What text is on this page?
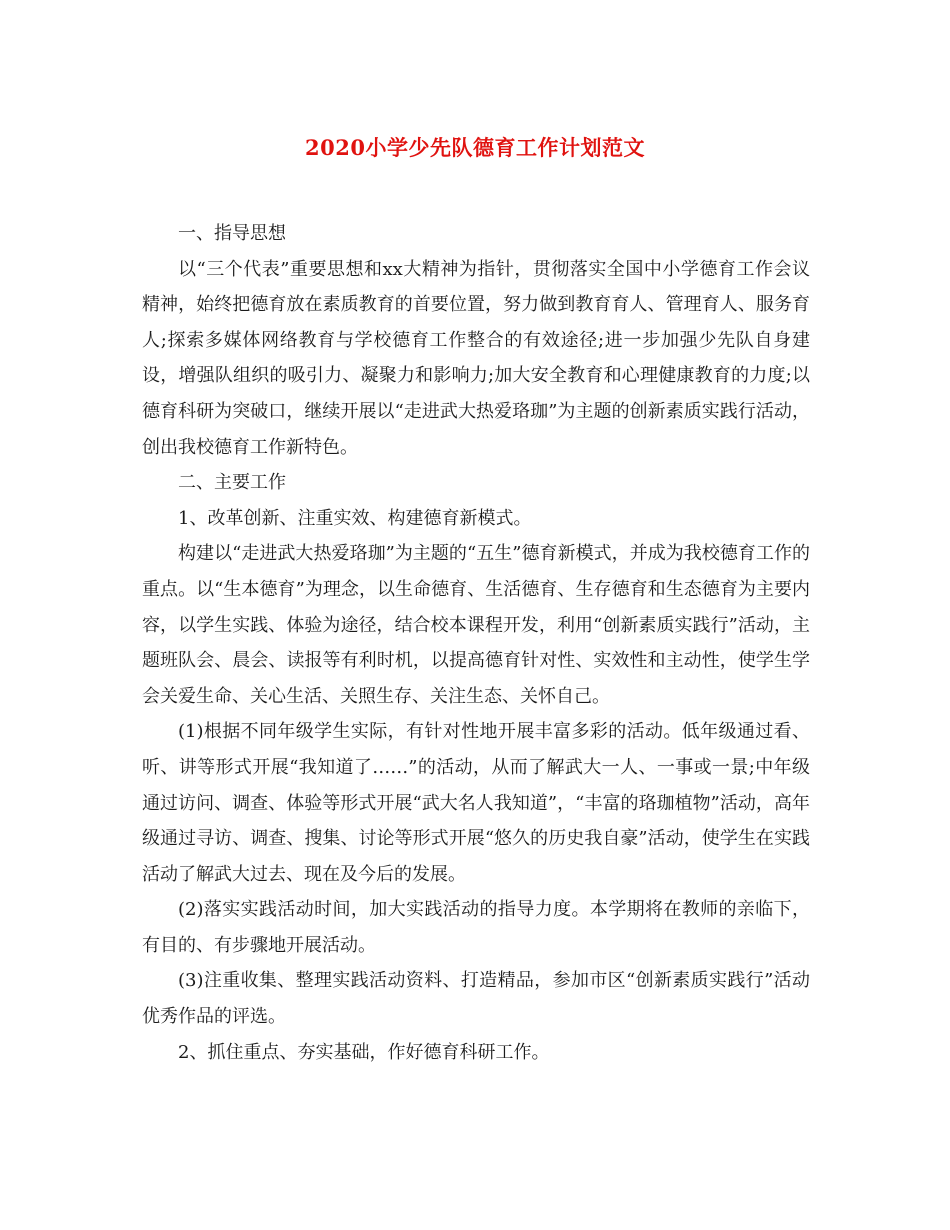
2020小学少先队德育工作计划范文

一、指导思想

以“三个代表”重要思想和xx大精神为指针，贯彻落实全国中小学德育工作会议精神，始终把德育放在素质教育的首要位置，努力做到教育育人、管理育人、服务育人;探索多媒体网络教育与学校德育工作整合的有效途径;进一步加强少先队自身建设，增强队组织的吸引力、凝聚力和影响力;加大安全教育和心理健康教育的力度;以德育科研为突破口，继续开展以“走进武大热爱珞珈”为主题的创新素质实践行活动，创出我校德育工作新特色。

二、主要工作

1、改革创新、注重实效、构建德育新模式。

构建以“走进武大热爱珞珈”为主题的“五生”德育新模式，并成为我校德育工作的重点。以“生本德育”为理念，以生命德育、生活德育、生存德育和生态德育为主要内容，以学生实践、体验为途径，结合校本课程开发，利用“创新素质实践行”活动，主题班队会、晨会、读报等有利时机，以提高德育针对性、实效性和主动性，使学生学会关爱生命、关心生活、关照生存、关注生态、关怀自己。

(1)根据不同年级学生实际，有针对性地开展丰富多彩的活动。低年级通过看、听、讲等形式开展“我知道了……”的活动，从而了解武大一人、一事或一景;中年级通过访问、调查、体验等形式开展“武大名人我知道”，“丰富的珞珈植物”活动，高年级通过寻访、调查、搜集、讨论等形式开展“悠久的历史我自豪”活动，使学生在实践活动了解武大过去、现在及今后的发展。

(2)落实实践活动时间，加大实践活动的指导力度。本学期将在教师的亲临下，有目的、有步骤地开展活动。

(3)注重收集、整理实践活动资料、打造精品，参加市区“创新素质实践行”活动优秀作品的评选。

2、抓住重点、夯实基础，作好德育科研工作。
